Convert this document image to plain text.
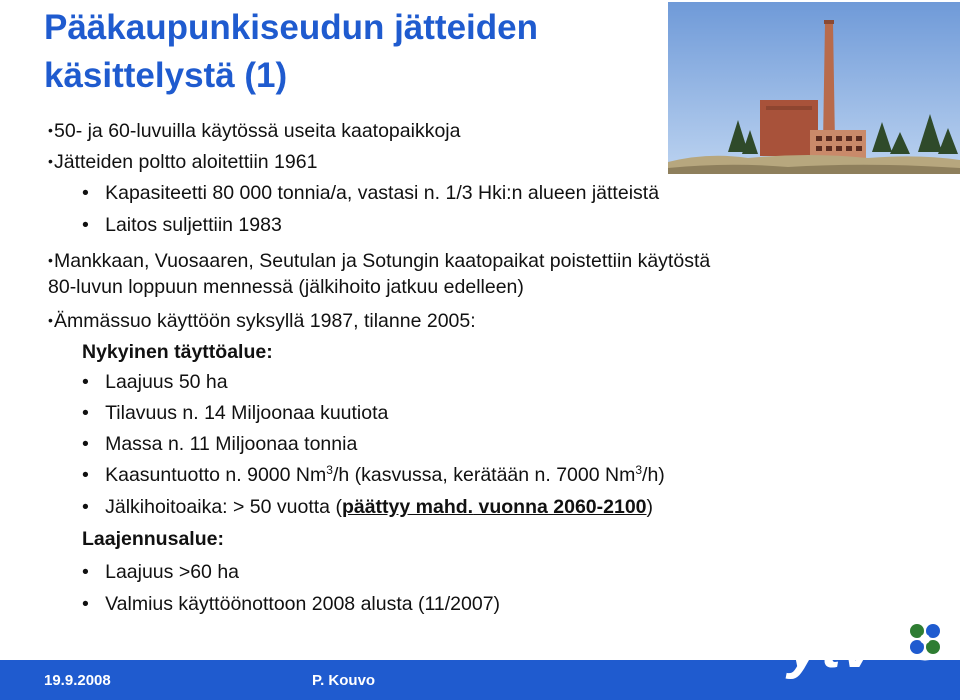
Pääkaupunkiseudun jätteiden
käsittelystä (1)
•50- ja 60-luvuilla käytössä useita kaatopaikkoja
•Jätteiden poltto aloitettiin 1961
• Kapasiteetti 80 000 tonnia/a, vastasi n. 1/3 Hki:n alueen jätteistä
• Laitos suljettiin 1983
•Mankkaan, Vuosaaren, Seutulan ja Sotungin kaatopaikat poistettiin käytöstä
80-luvun loppuun mennessä (jälkihoito jatkuu edelleen)
•Ämmässuo käyttöön syksyllä 1987, tilanne 2005:
Nykyinen täyttöalue:
• Laajuus 50 ha
• Tilavuus n. 14 Miljoonaa kuutiota
• Massa n. 11 Miljoonaa tonnia
• Kaasuntuotto n. 9000 Nm$^3$/h (kasvussa, kerätään n. 7000 Nm$^3$/h)
• Jälkihoitoaika: > 50 vuotta (päättyy mahd. vuonna 2060-2100)
Laajennusalue:
• Laajuus >60 ha
• Valmius käyttöönottoon 2008 alusta (11/2007)
19.9.2008	P. Kouvo
ytv
